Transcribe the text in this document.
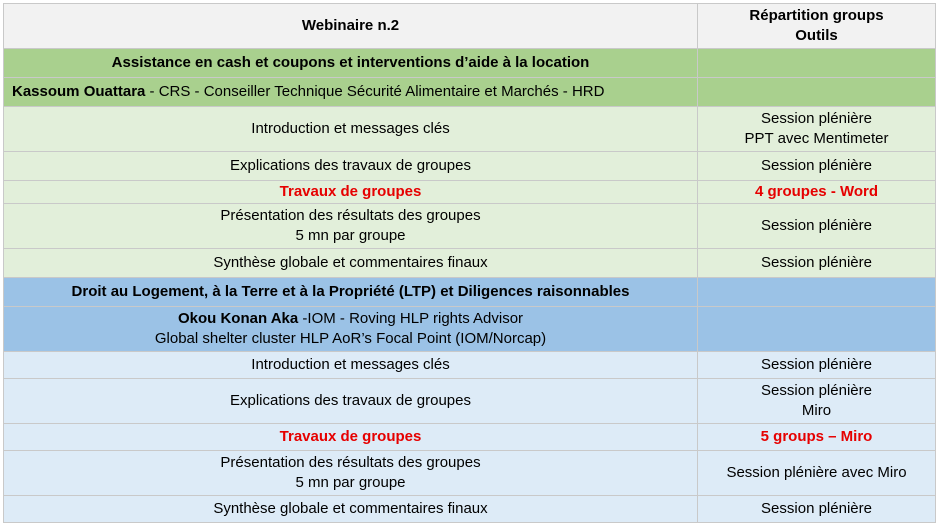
Webinaire n.2	Répartition groups
Outils

Assistance en cash et coupons et interventions d’aide à la location	
Kassoum Ouattara - CRS - Conseiller Technique Sécurité Alimentaire et Marchés - HRD	
Introduction et messages clés	Session plénière
PPT avec Mentimeter

Explications des travaux de groupes	Session plénière
Travaux de groupes	4 groupes - Word

Présentation des résultats des groupes
5 mn par groupe	Session plénière
Synthèse globale et commentaires finaux	Session plénière
Droit au Logement, à la Terre et à la Propriété (LTP) et Diligences raisonnables	

Okou Konan Aka -IOM - Roving HLP rights Advisor
Global shelter cluster HLP AoR’s Focal Point (IOM/Norcap)	

Introduction et messages clés	Session plénière
Explications des travaux de groupes	Session plénière
Miro

Travaux de groupes	5 groups – Miro

Présentation des résultats des groupes
5 mn par groupe	Session plénière avec Miro
Synthèse globale et commentaires finaux	Session plénière
